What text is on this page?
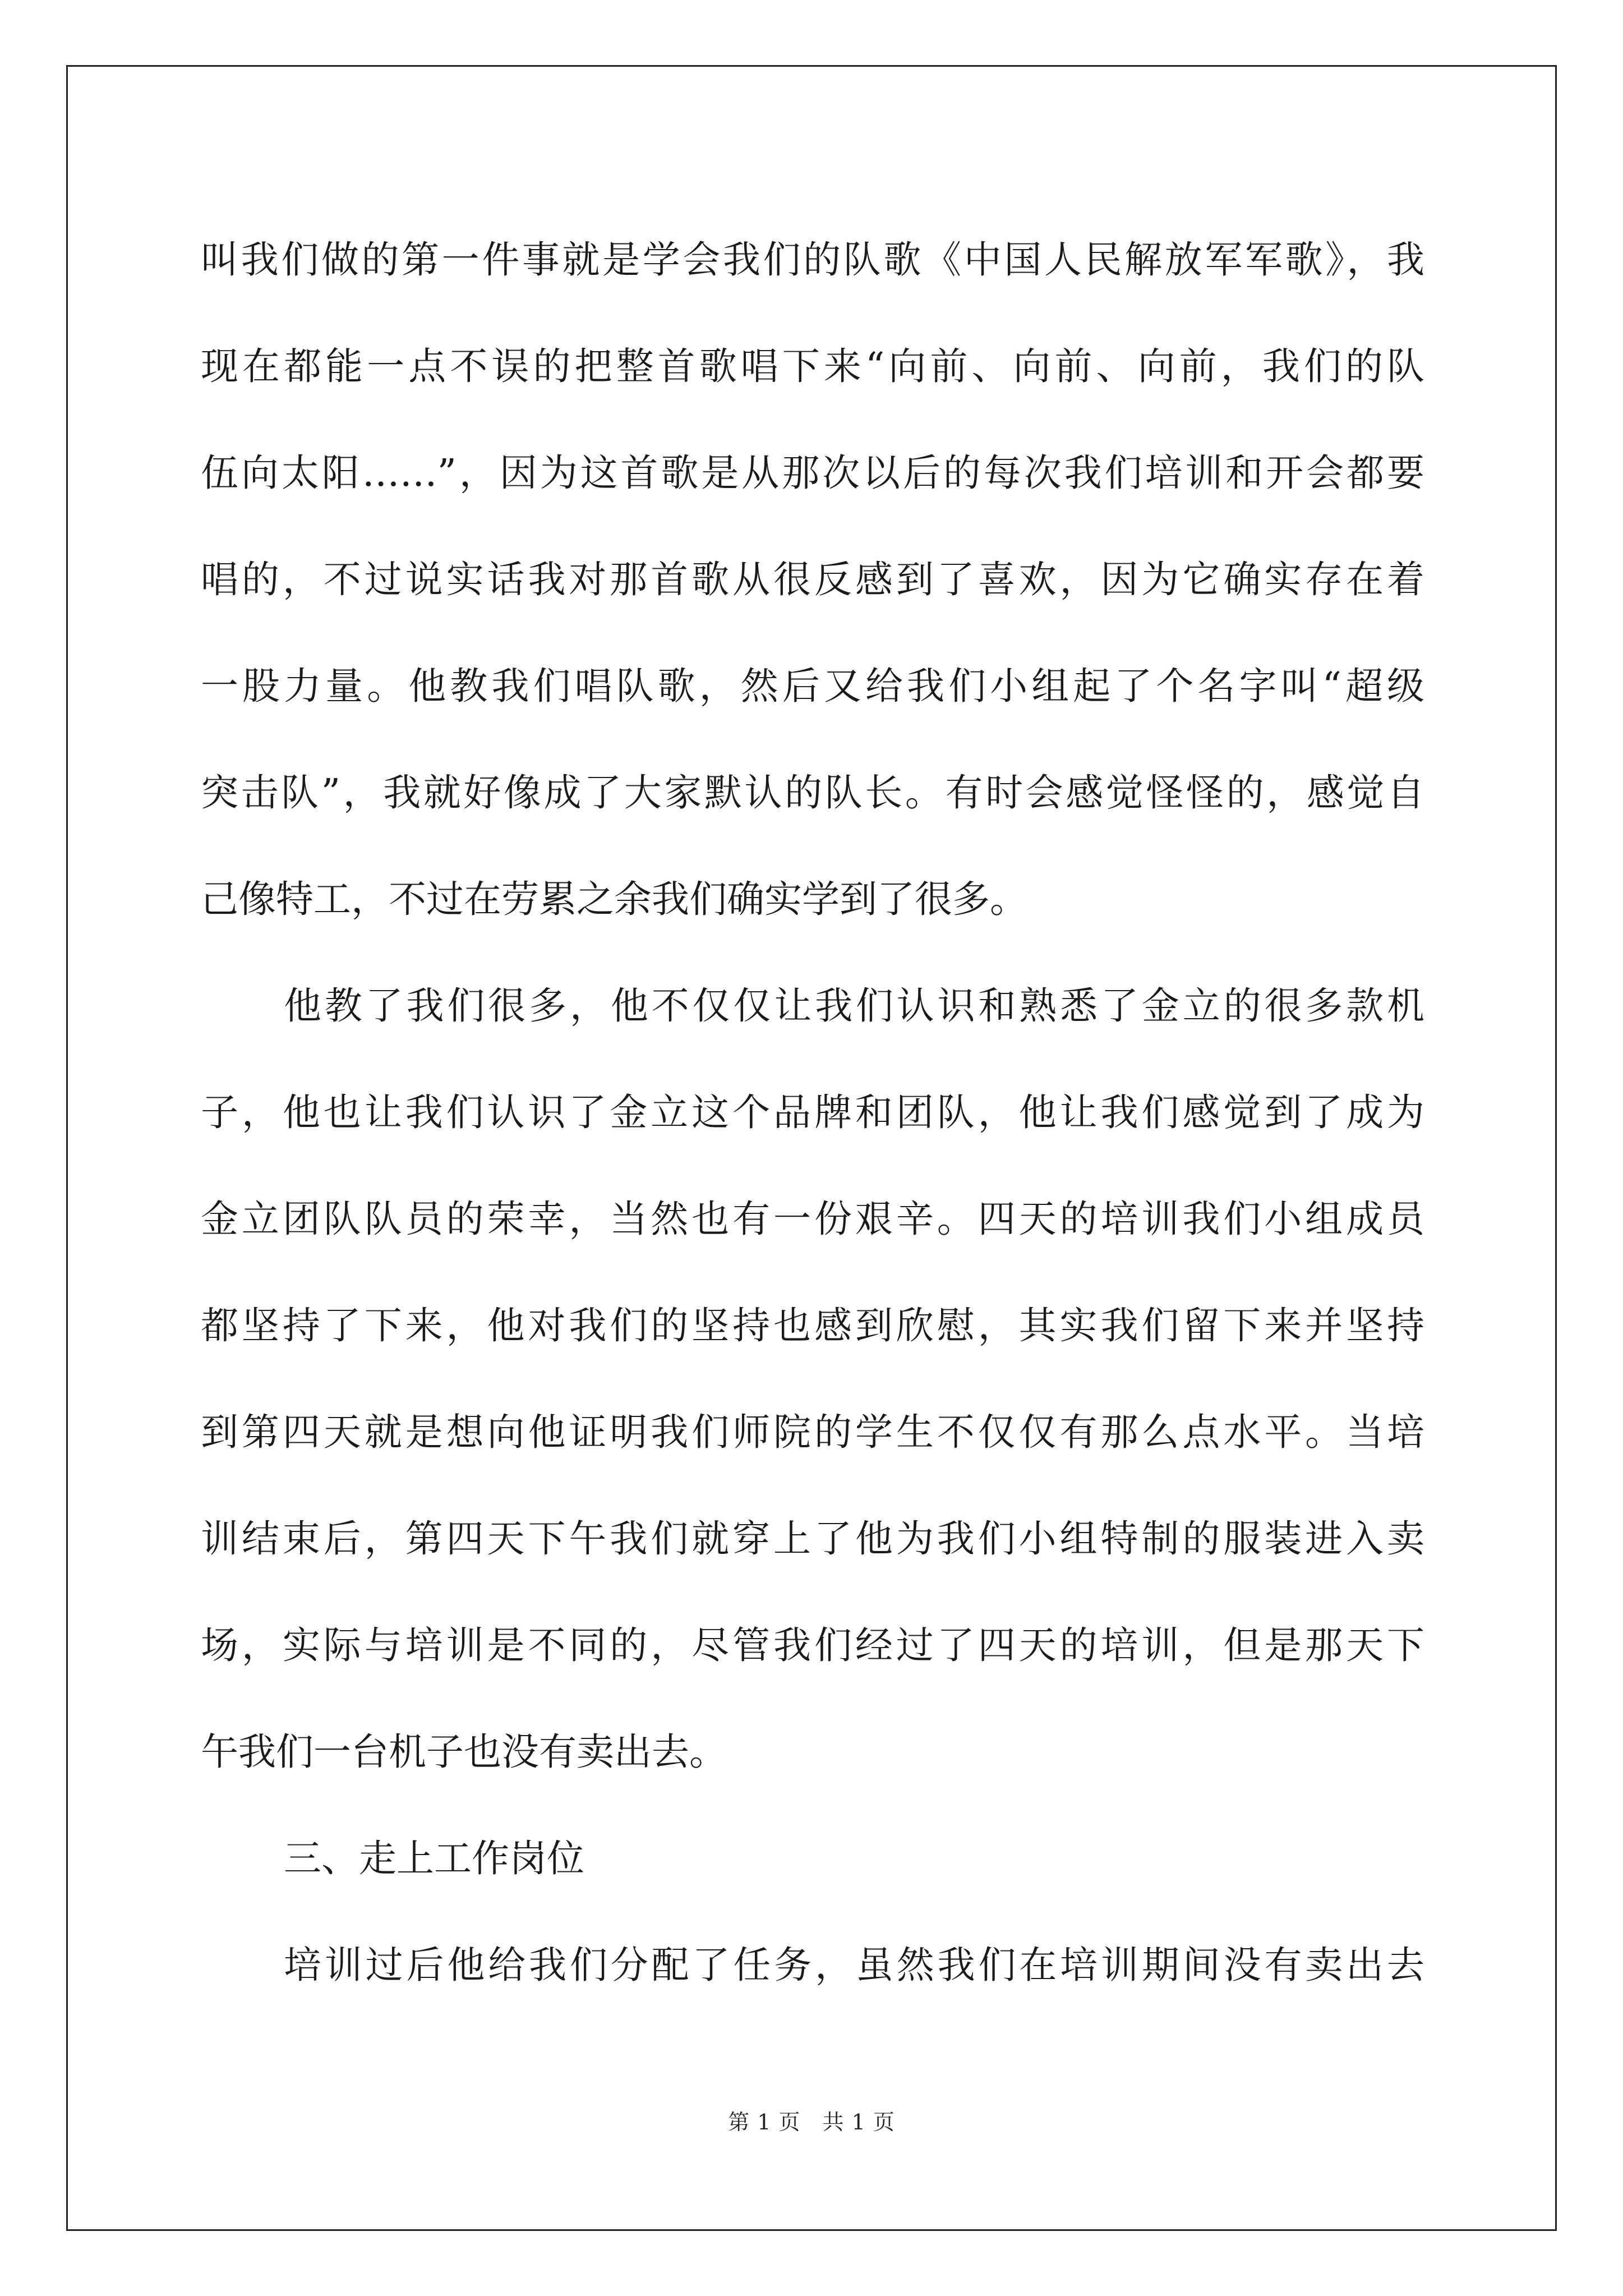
叫我们做的第一件事就是学会我们的队歌《中国人民解放军军歌》，我
现在都能一点不误的把整首歌唱下来“向前、向前、向前，我们的队
伍向太阳……”，因为这首歌是从那次以后的每次我们培训和开会都要
唱的，不过说实话我对那首歌从很反感到了喜欢，因为它确实存在着
一股力量。他教我们唱队歌，然后又给我们小组起了个名字叫“超级
突击队”，我就好像成了大家默认的队长。有时会感觉怪怪的，感觉自
己像特工，不过在劳累之余我们确实学到了很多。
他教了我们很多，他不仅仅让我们认识和熟悉了金立的很多款机
子，他也让我们认识了金立这个品牌和团队，他让我们感觉到了成为
金立团队队员的荣幸，当然也有一份艰辛。四天的培训我们小组成员
都坚持了下来，他对我们的坚持也感到欣慰，其实我们留下来并坚持
到第四天就是想向他证明我们师院的学生不仅仅有那么点水平。当培
训结束后，第四天下午我们就穿上了他为我们小组特制的服装进入卖
场，实际与培训是不同的，尽管我们经过了四天的培训，但是那天下
午我们一台机子也没有卖出去。
三、走上工作岗位
培训过后他给我们分配了任务，虽然我们在培训期间没有卖出去
第 1 页　共 1 页
